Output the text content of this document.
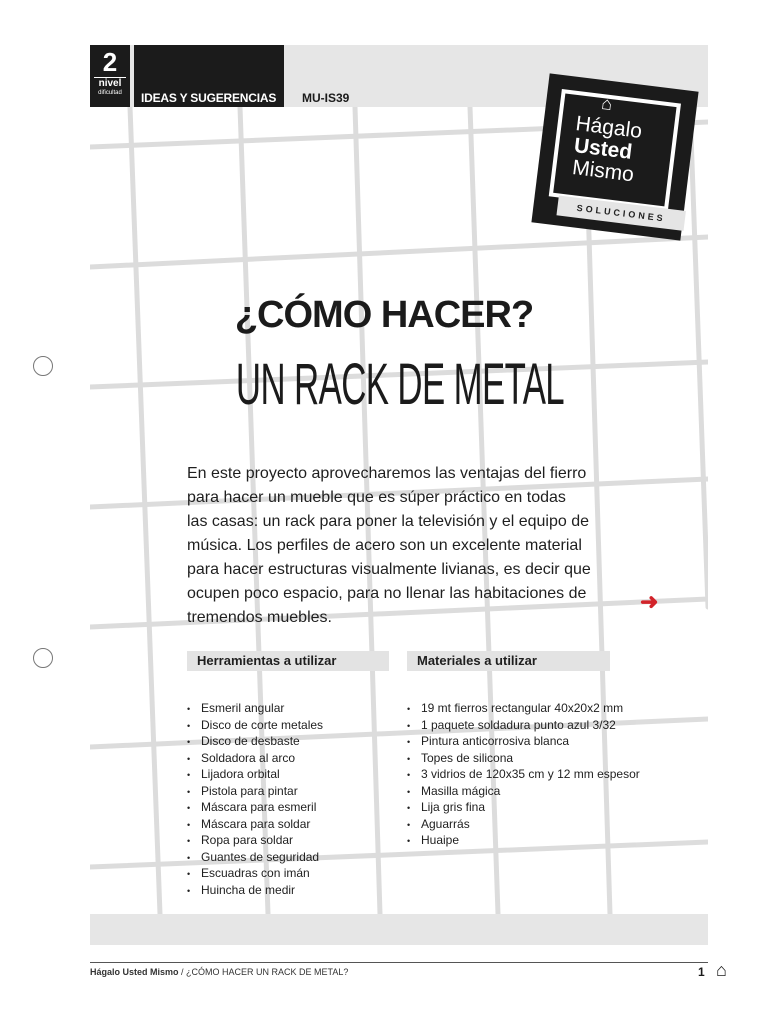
2
nivel
dificultad	IDEAS Y SUGERENCIAS MU-IS39	⌂
Hágalo
Usted
Mismo
SOLUCIONES
¿CÓMO HACER?
UN RACK DE METAL
En este proyecto aprovecharemos las ventajas del fierro
para hacer un mueble que es súper práctico en todas
las casas: un rack para poner la televisión y el equipo de
música. Los perfiles de acero son un excelente material
para hacer estructuras visualmente livianas, es decir que
ocupen poco espacio, para no llenar las habitaciones de
tremendos muebles.
➜
Herramientas a utilizar
• Esmeril angular
• Disco de corte metales
• Disco de desbaste
• Soldadora al arco
• Lijadora orbital
• Pistola para pintar
• Máscara para esmeril
• Máscara para soldar
• Ropa para soldar
• Guantes de seguridad
• Escuadras con imán
• Huincha de medir
Materiales a utilizar
• 19 mt fierros rectangular 40x20x2 mm
• 1 paquete soldadura punto azul 3/32
• Pintura anticorrosiva blanca
• Topes de silicona
• 3 vidrios de 120x35 cm y 12 mm espesor
• Masilla mágica
• Lija gris fina
• Aguarrás
• Huaipe
Hágalo Usted Mismo / ¿CÓMO HACER UN RACK DE METAL?	1 ⌂
